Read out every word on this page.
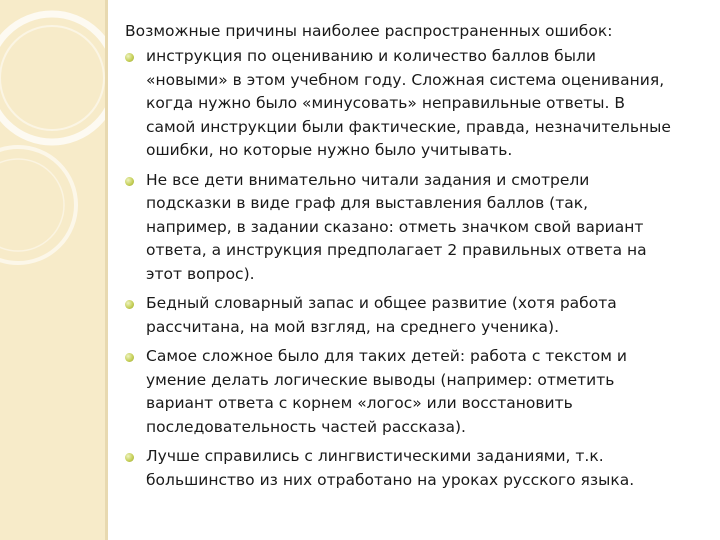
Возможные причины наиболее распространенных ошибок:
инструкция по оцениванию и количество баллов были
«новыми» в этом учебном году. Сложная система оценивания,
когда нужно было «минусовать» неправильные ответы. В
самой инструкции были фактические, правда, незначительные
ошибки, но которые нужно было учитывать.
Не все дети внимательно читали задания и смотрели
подсказки в виде граф для выставления баллов (так,
например, в задании сказано: отметь значком свой вариант
ответа, а инструкция предполагает 2 правильных ответа на
этот вопрос).
Бедный словарный запас и общее развитие (хотя работа
рассчитана, на мой взгляд, на среднего ученика).
Самое сложное было для таких детей: работа с текстом и
умение делать логические выводы (например: отметить
вариант ответа с корнем «логос» или восстановить
последовательность частей рассказа).
Лучше справились с лингвистическими заданиями, т.к.
большинство из них отработано на уроках русского языка.
